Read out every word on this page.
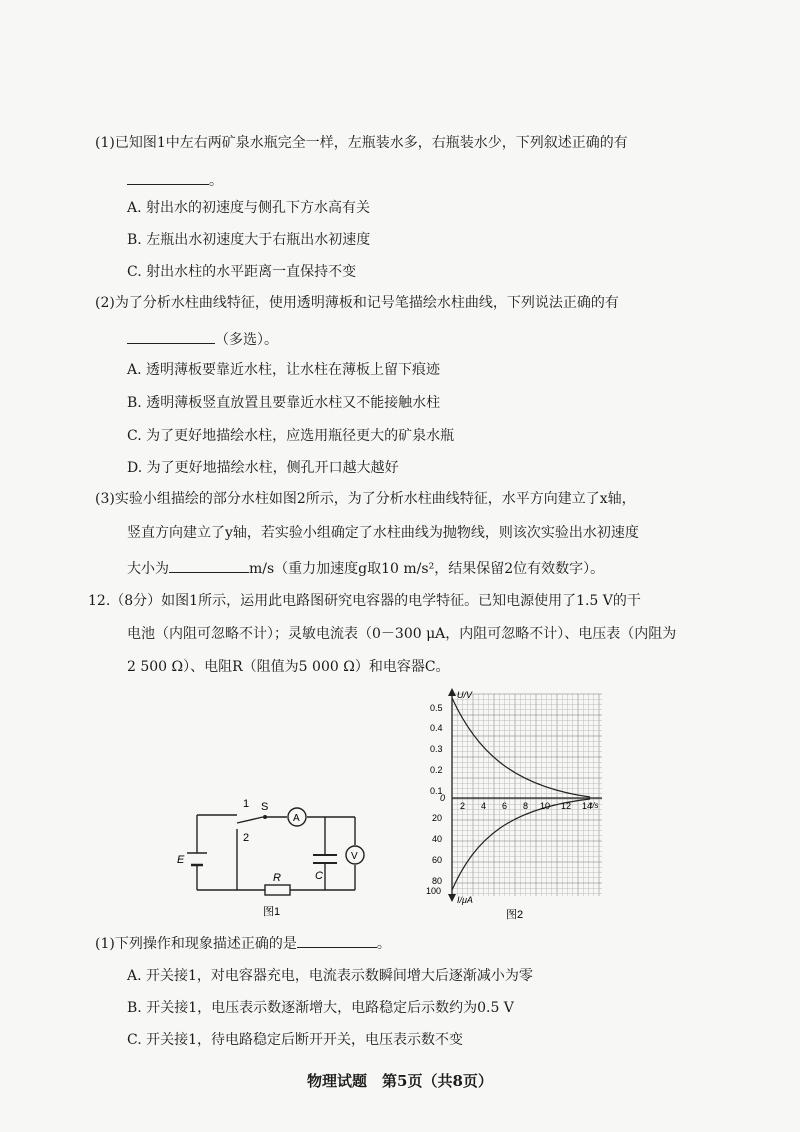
(1)已知图1中左右两矿泉水瓶完全一样，左瓶装水多，右瓶装水少，下列叙述正确的有
。
A. 射出水的初速度与侧孔下方水高有关
B. 左瓶出水初速度大于右瓶出水初速度
C. 射出水柱的水平距离一直保持不变
(2)为了分析水柱曲线特征，使用透明薄板和记号笔描绘水柱曲线，下列说法正确的有
（多选）。
A. 透明薄板要靠近水柱，让水柱在薄板上留下痕迹
B. 透明薄板竖直放置且要靠近水柱又不能接触水柱
C. 为了更好地描绘水柱，应选用瓶径更大的矿泉水瓶
D. 为了更好地描绘水柱，侧孔开口越大越好
(3)实验小组描绘的部分水柱如图2所示，为了分析水柱曲线特征，水平方向建立了x轴，
竖直方向建立了y轴，若实验小组确定了水柱曲线为抛物线，则该次实验出水初速度
大小为	m/s（重力加速度g取10 m/s²，结果保留2位有效数字）。
12.（8分）如图1所示，运用此电路图研究电容器的电学特征。已知电源使用了1.5 V的干
电池（内阻可忽略不计）；灵敏电流表（0－300 μA，内阻可忽略不计）、电压表（内阻为
2 500 Ω）、电阻R（阻值为5 000 Ω）和电容器C。
1
2
S
A
V
E
C
R
图1
U/V
I/μA
t/s
0
0.5
0.4
0.3
0.2
0.1
20
40
60
80
100
2 4 6 8 10 12 14
图2
(1)下列操作和现象描述正确的是	。
A. 开关接1，对电容器充电，电流表示数瞬间增大后逐渐减小为零
B. 开关接1，电压表示数逐渐增大，电路稳定后示数约为0.5 V
C. 开关接1，待电路稳定后断开开关，电压表示数不变
物理试题　第5页（共8页）
